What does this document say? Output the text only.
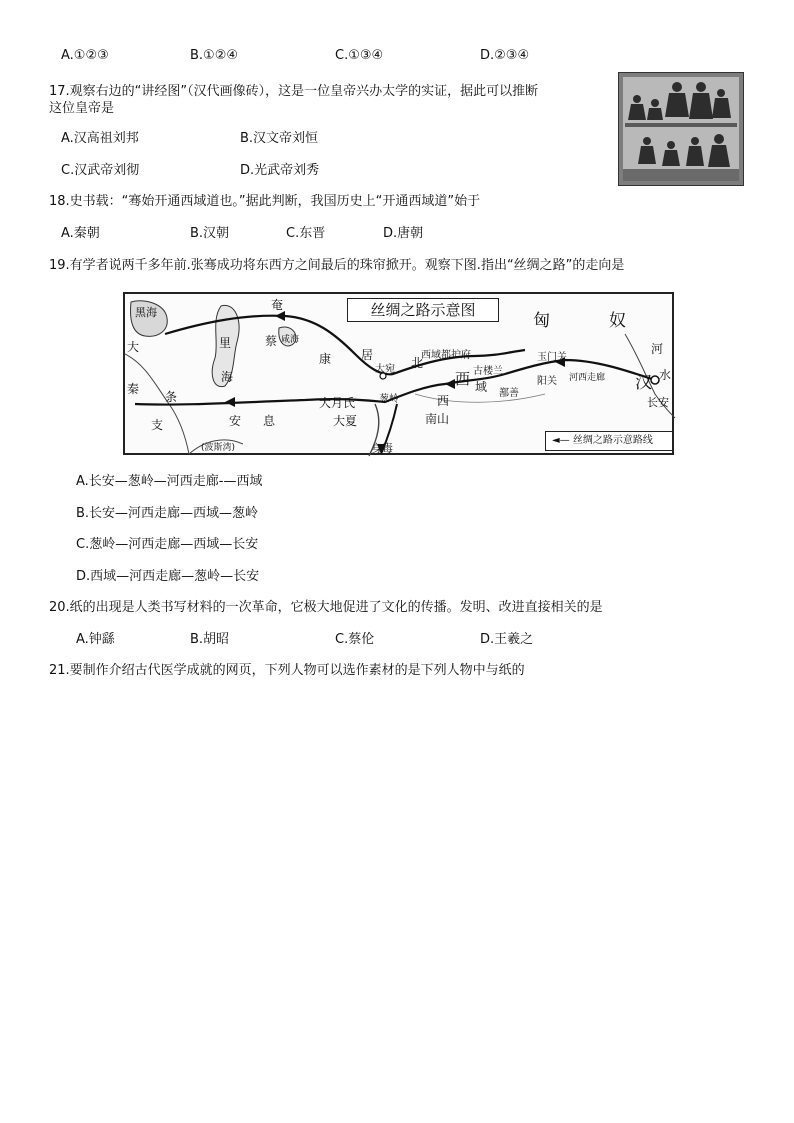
A.①②③	B.①②④	C.①③④	D.②③④
17.观察右边的“讲经图”（汉代画像砖），这是一位皇帝兴办太学的实证，据此可以推断
这位皇帝是
A.汉高祖刘邦	B.汉文帝刘恒
C.汉武帝刘彻	D.光武帝刘秀
18.史书载：“骞始开通西域道也。”据此判断，我国历史上“开通西域道”始于
A.秦朝	B.汉朝	C.东晋	D.唐朝
19.有学者说两千多年前.张骞成功将东西方之间最后的珠帘掀开。观察下图.指出“丝绸之路”的走向是
丝绸之路示意图
黑海
大
秦
条
支
奄
里
海
蔡 咸海
康 居
安 息
(波斯湾)
大宛 北
大月氏
大夏
葱岭
身毒
西域都护府
古楼兰
西
西
域 鄯善
南山
玉门关
阳关 河西走廊
匈	奴
汉
河
水
长安
◄— 丝绸之路示意路线
A.长安—葱岭—河西走廊-—西域
B.长安—河西走廊—西域—葱岭
C.葱岭—河西走廊—西域—长安
D.西域—河西走廊—葱岭—长安
20.纸的出现是人类书写材料的一次革命，它极大地促进了文化的传播。发明、改进直接相关的是
A.钟繇	B.胡昭	C.蔡伦	D.王羲之
21.要制作介绍古代医学成就的网页，下列人物可以选作素材的是下列人物中与纸的
